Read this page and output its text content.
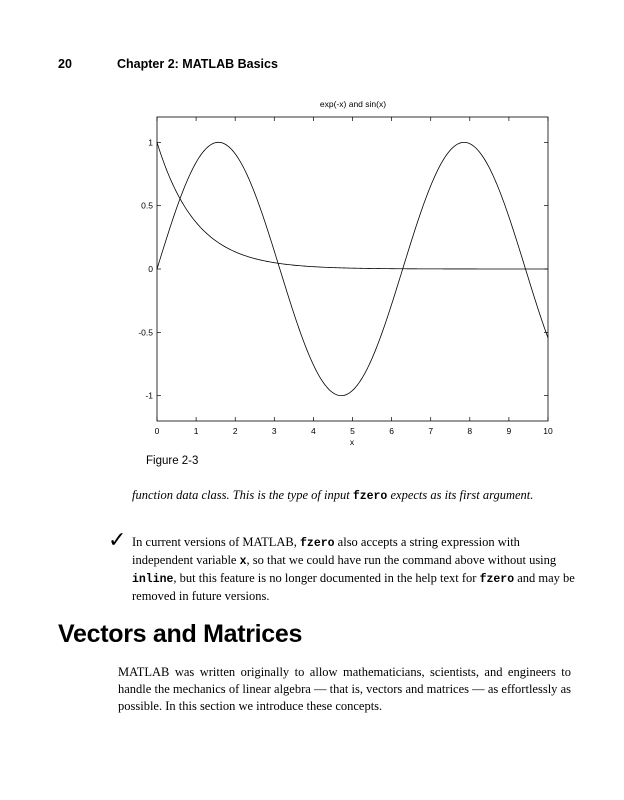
20	Chapter 2: MATLAB Basics
exp(-x) and sin(x)
0	1	2	3	4	5	6	7	8	9	10
-1
-0.5
0
0.5
1
x
Figure 2-3
function data class. This is the type of input fzero expects as its first argument.
✓ In current versions of MATLAB, fzero also accepts a string expression with independent variable x, so that we could have run the command above without using inline, but this feature is no longer documented in the help text for fzero and may be removed in future versions.
Vectors and Matrices
MATLAB was written originally to allow mathematicians, scientists, and engineers to handle the mechanics of linear algebra — that is, vectors and matrices — as effortlessly as possible. In this section we introduce these concepts.
